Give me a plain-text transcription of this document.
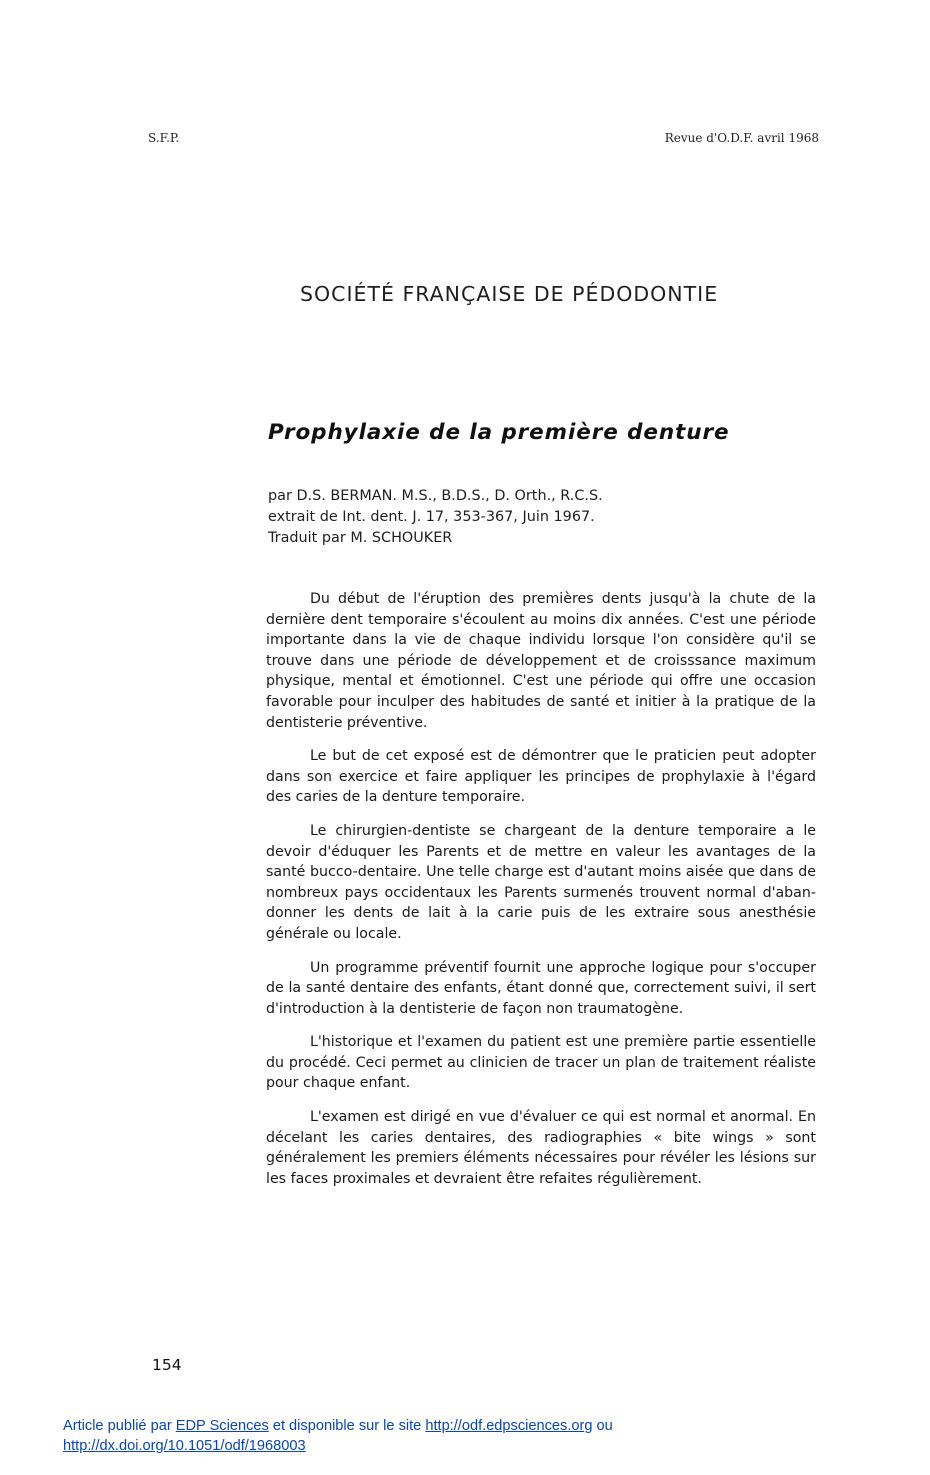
S.F.P.	Revue d'O.D.F. avril 1968
SOCIÉTÉ FRANÇAISE DE PÉDODONTIE
Prophylaxie de la première denture
par D.S. BERMAN. M.S., B.D.S., D. Orth., R.C.S.
extrait de Int. dent. J. 17, 353-367, Juin 1967.
Traduit par M. SCHOUKER

Du début de l'éruption des premières dents jusqu'à la chute de la dernière dent temporaire s'écoulent au moins dix années. C'est une période importante dans la vie de chaque individu lorsque l'on considère qu'il se trouve dans une période de développement et de croisssance maximum physique, mental et émotionnel. C'est une période qui offre une occasion favorable pour inculper des habitudes de santé et initier à la pratique de la dentisterie préventive.

Le but de cet exposé est de démontrer que le praticien peut adopter dans son exercice et faire appliquer les principes de prophylaxie à l'égard des caries de la denture temporaire.

Le chirurgien-dentiste se chargeant de la denture temporaire a le devoir d'éduquer les Parents et de mettre en valeur les avantages de la santé bucco-dentaire. Une telle charge est d'autant moins aisée que dans de nombreux pays occidentaux les Parents surmenés trouvent normal d'abandonner les dents de lait à la carie puis de les extraire sous anesthésie générale ou locale.

Un programme préventif fournit une approche logique pour s'occuper de la santé dentaire des enfants, étant donné que, correctement suivi, il sert d'introduction à la dentisterie de façon non traumatogène.

L'historique et l'examen du patient est une première partie essentielle du procédé. Ceci permet au clinicien de tracer un plan de traitement réaliste pour chaque enfant.

L'examen est dirigé en vue d'évaluer ce qui est normal et anormal. En décelant les caries dentaires, des radiographies « bite wings » sont généralement les premiers éléments nécessaires pour révéler les lésions sur les faces proximales et devraient être refaites régulièrement.

154
Article publié par EDP Sciences et disponible sur le site http://odf.edpsciences.org ou
http://dx.doi.org/10.1051/odf/1968003
